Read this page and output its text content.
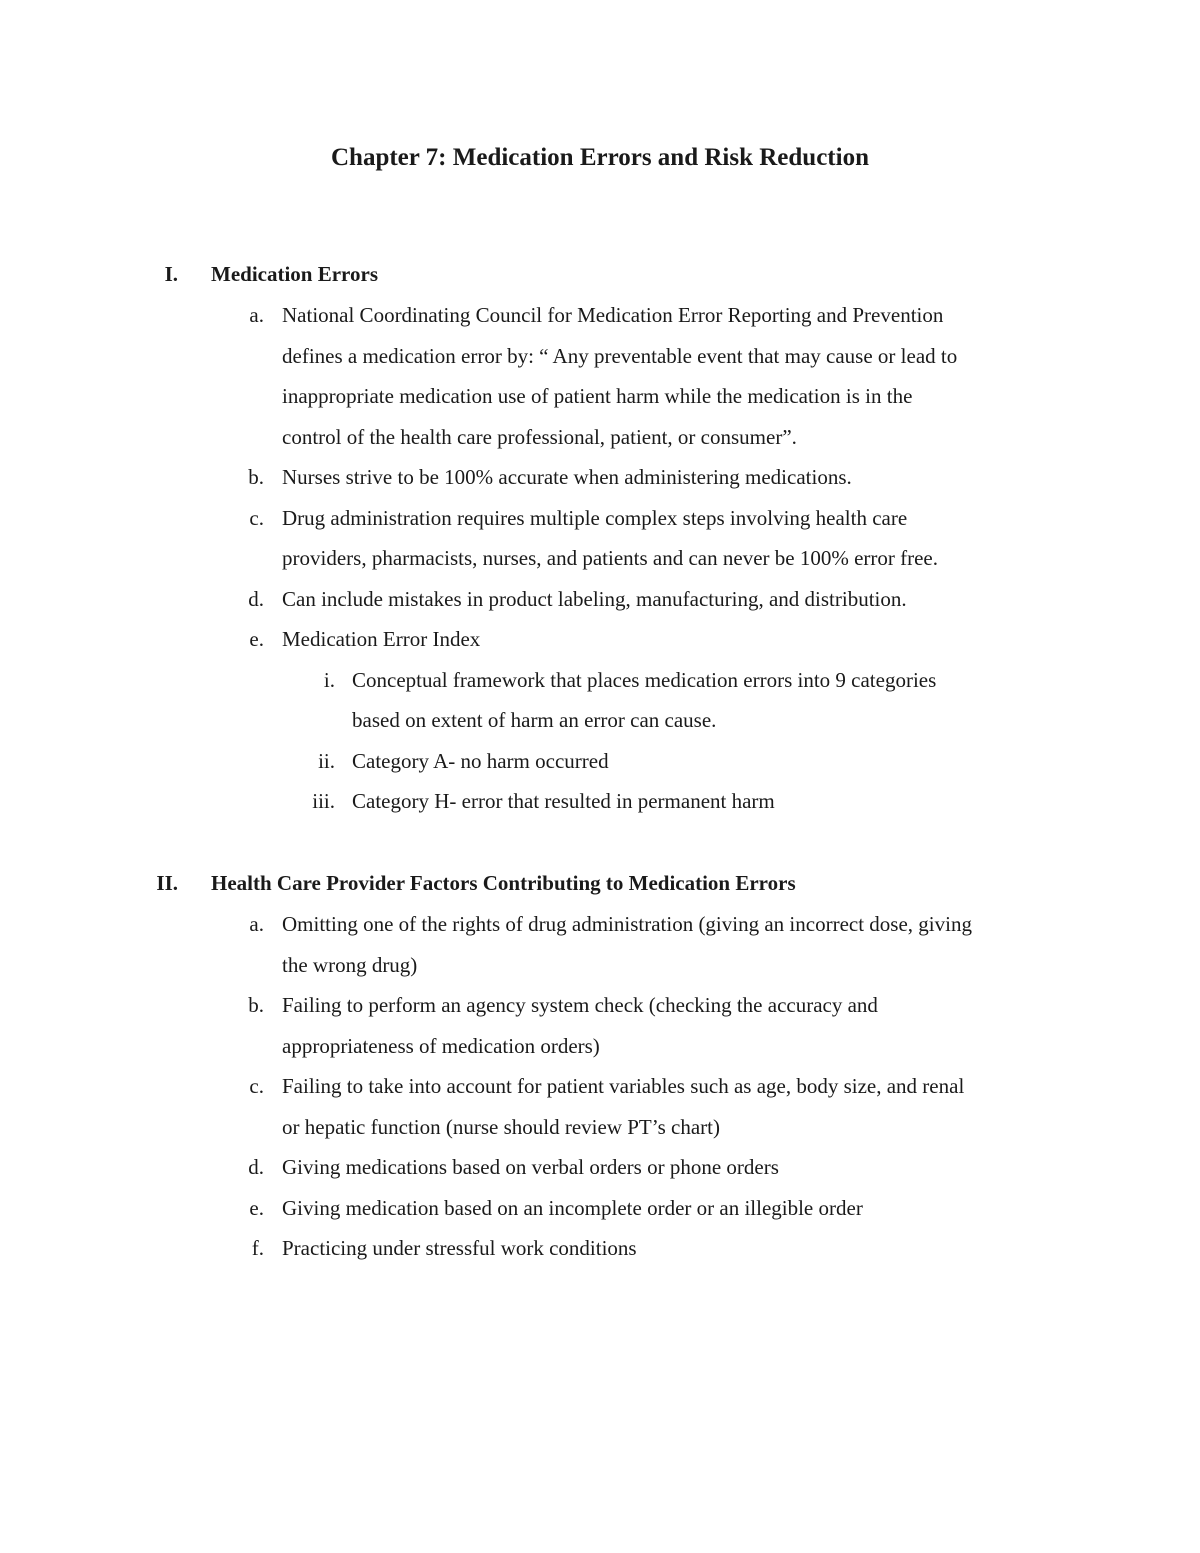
Chapter 7: Medication Errors and Risk Reduction
I. Medication Errors
a. National Coordinating Council for Medication Error Reporting and Prevention
defines a medication error by: “ Any preventable event that may cause or lead to
inappropriate medication use of patient harm while the medication is in the
control of the health care professional, patient, or consumer”.
b. Nurses strive to be 100% accurate when administering medications.
c. Drug administration requires multiple complex steps involving health care
providers, pharmacists, nurses, and patients and can never be 100% error free.
d. Can include mistakes in product labeling, manufacturing, and distribution.
e. Medication Error Index
i. Conceptual framework that places medication errors into 9 categories
based on extent of harm an error can cause.
ii. Category A- no harm occurred
iii. Category H- error that resulted in permanent harm
II. Health Care Provider Factors Contributing to Medication Errors
a. Omitting one of the rights of drug administration (giving an incorrect dose, giving
the wrong drug)
b. Failing to perform an agency system check (checking the accuracy and
appropriateness of medication orders)
c. Failing to take into account for patient variables such as age, body size, and renal
or hepatic function (nurse should review PT’s chart)
d. Giving medications based on verbal orders or phone orders
e. Giving medication based on an incomplete order or an illegible order
f. Practicing under stressful work conditions
